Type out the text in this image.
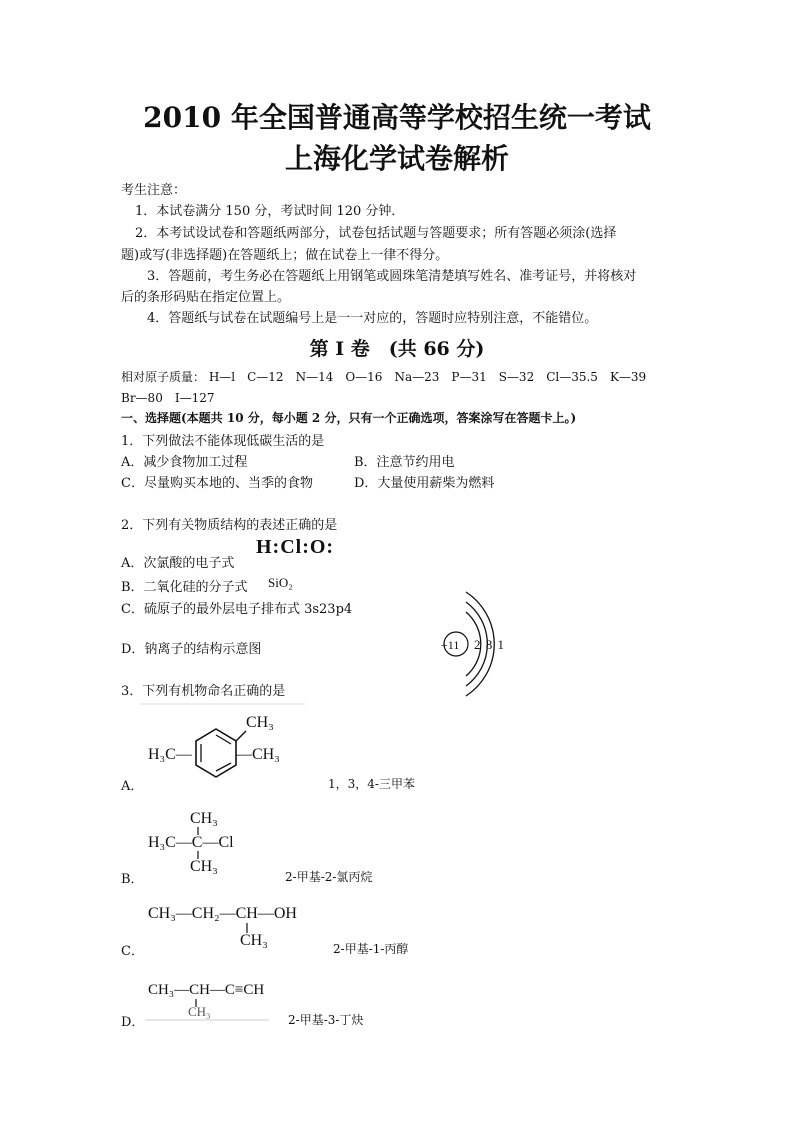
2010 年全国普通高等学校招生统一考试
上海化学试卷解析
考生注意：
1．本试卷满分 150 分，考试时间 120 分钟．
2．本考试设试卷和答题纸两部分，试卷包括试题与答题要求；所有答题必须涂(选择
题)或写(非选择题)在答题纸上；做在试卷上一律不得分。
3．答题前，考生务必在答题纸上用钢笔或圆珠笔清楚填写姓名、准考证号，并将核对
后的条形码贴在指定位置上。
4．答题纸与试卷在试题编号上是一一对应的，答题时应特别注意，不能错位。
第 I 卷　(共 66 分)
相对原子质量： H—l　C—12　N—14　O—16　Na—23　P—31　S—32　Cl—35.5　K—39
Br—80　I—127
一、选择题(本题共 10 分，每小题 2 分，只有一个正确选项，答案涂写在答题卡上。)
1．下列做法不能体现低碳生活的是
A．减少食物加工过程	B．注意节约用电
C．尽量购买本地的、当季的食物	D．大量使用薪柴为燃料
2．下列有关物质结构的表述正确的是
A．次氯酸的电子式
H:Cl:O:
B．二氧化硅的分子式 SiO₂
C．硫原子的最外层电子排布式 3s23p4
D．钠离子的结构示意图	+11 2 8 1
3．下列有机物命名正确的是
CH₃
H₃C—	—CH₃
A．	1，3，4-三甲苯
CH₃
H₃C—C—Cl
CH₃
B．	2-甲基-2-氯丙烷
CH₃—CH₂—CH—OH
CH₃
C．	2-甲基-1-丙醇
CH₃—CH—C≡CH
CH₃
D．	2-甲基-3-丁炔
